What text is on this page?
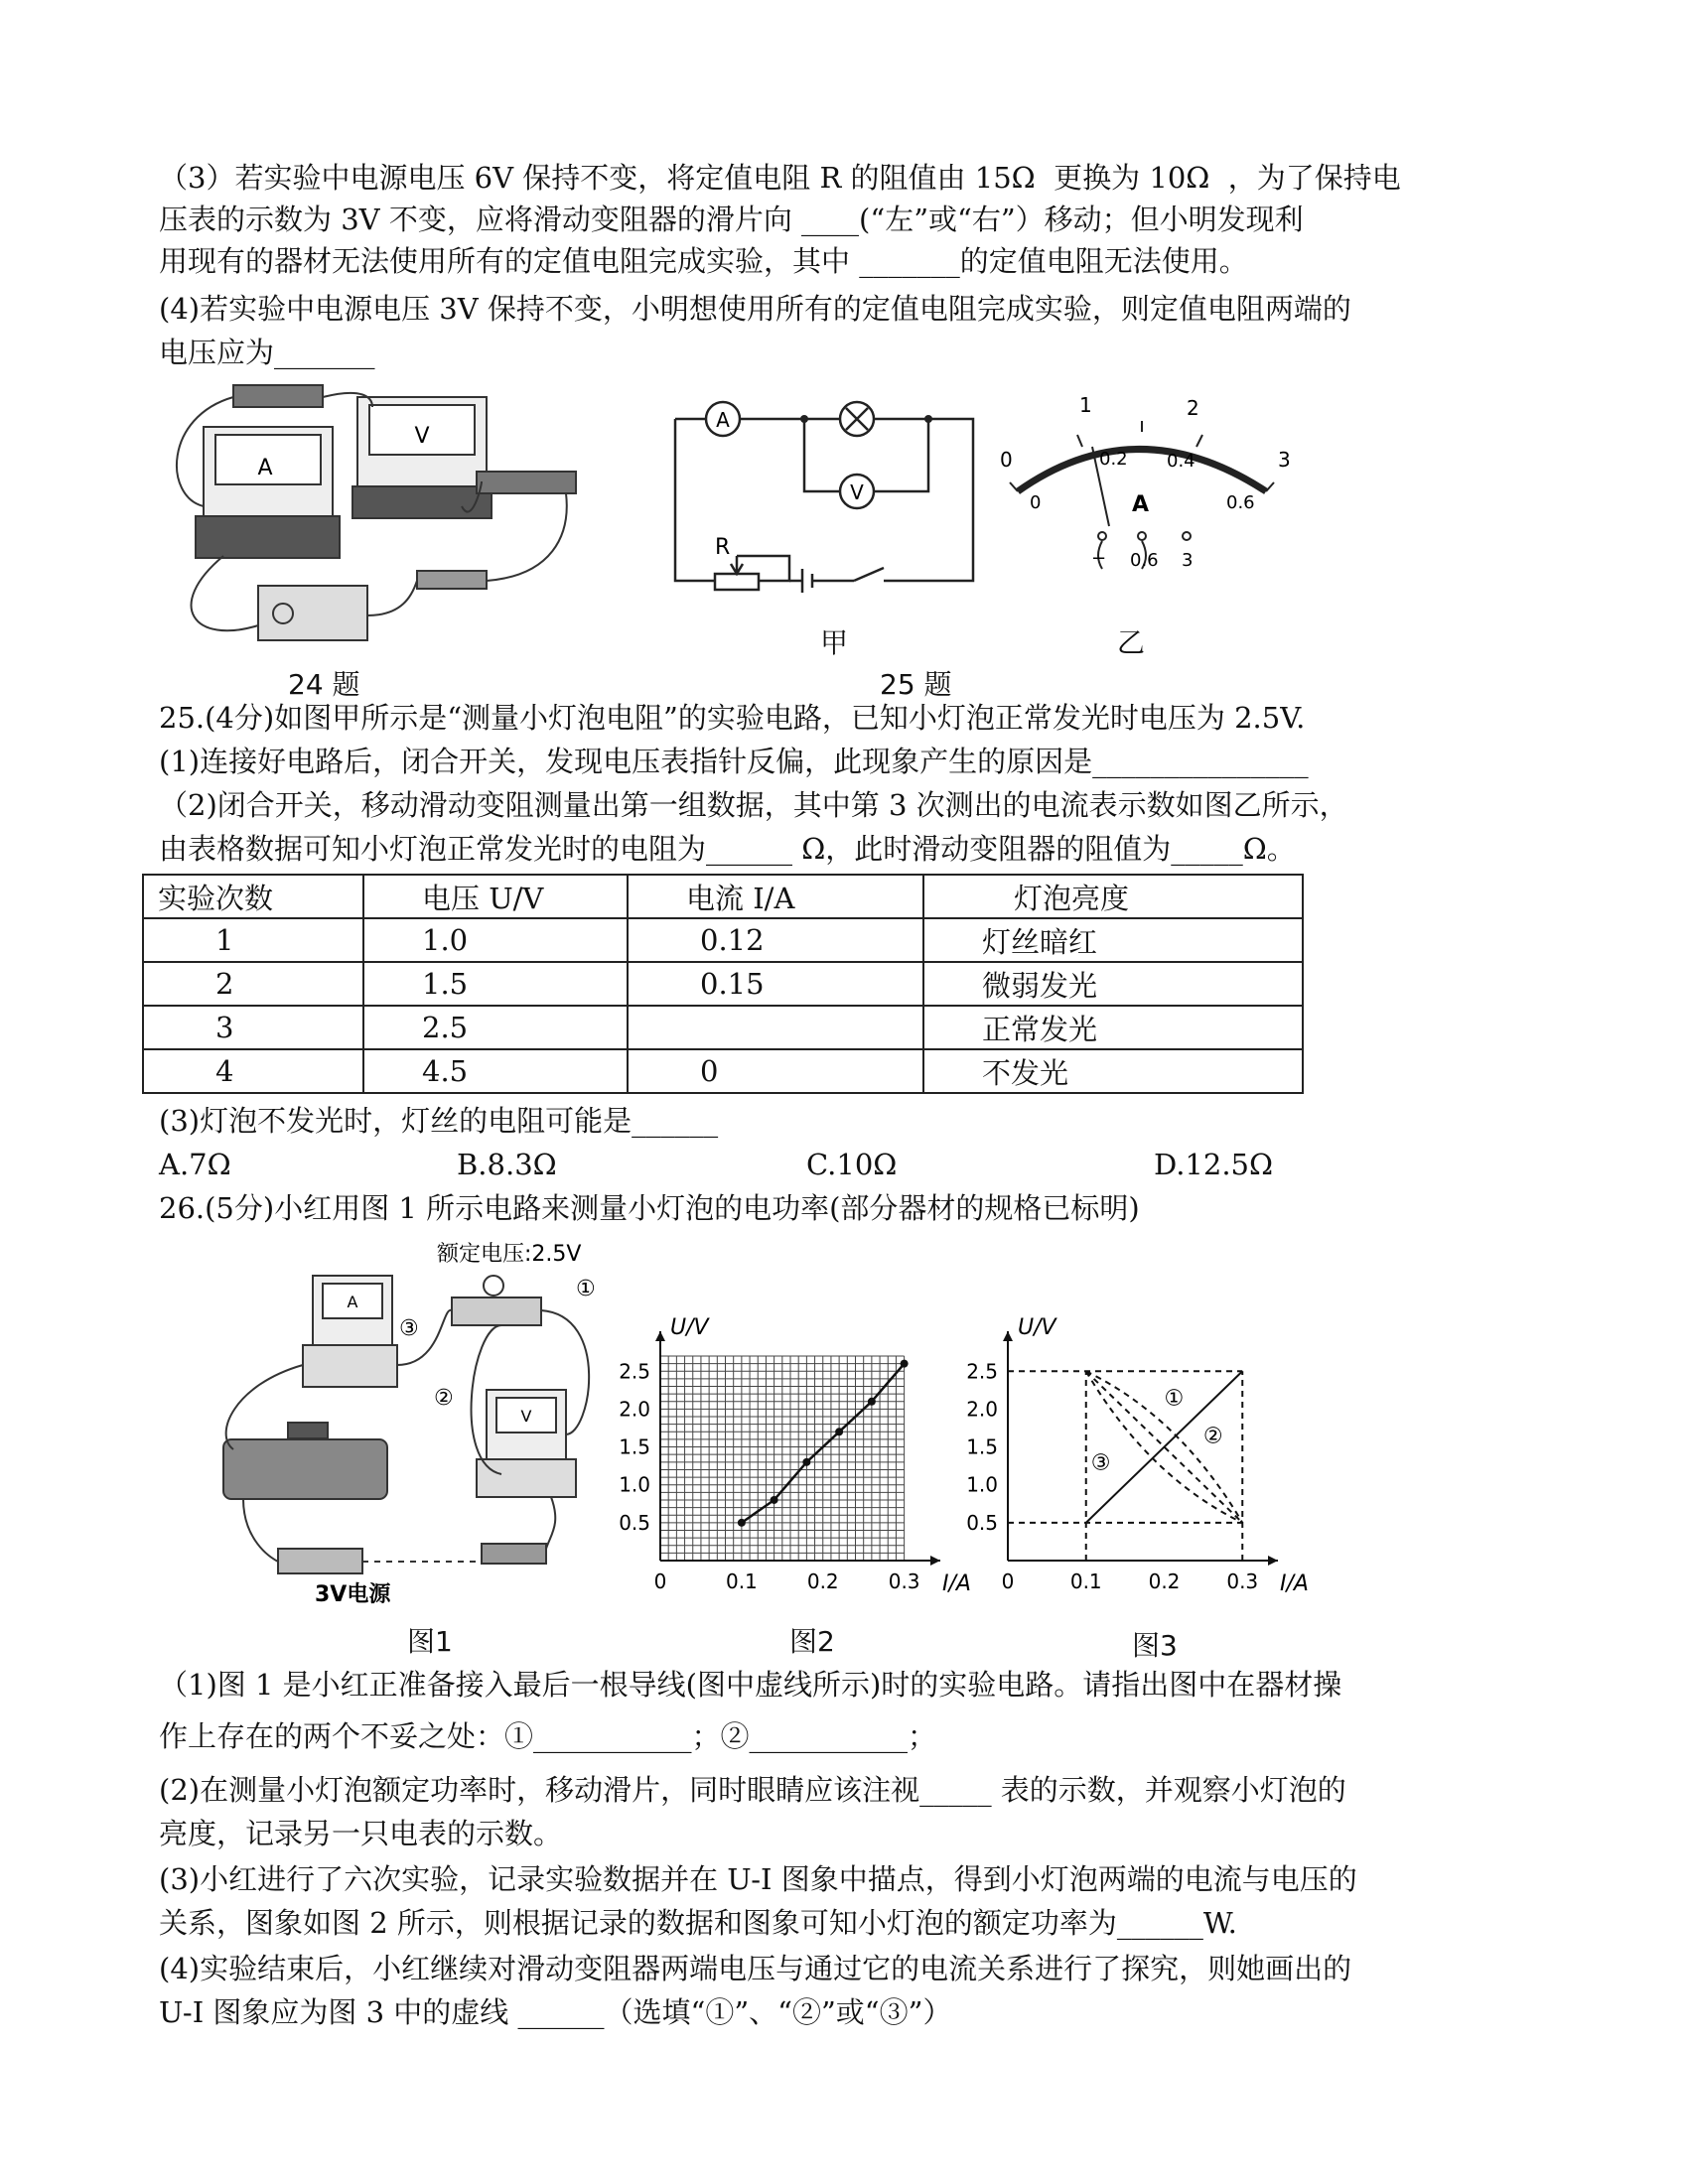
（3）若实验中电源电压 6V 保持不变，将定值电阻 R 的阻值由 15Ω  更换为 10Ω  ，为了保持电
压表的示数为 3V 不变，应将滑动变阻器的滑片向 ____(“左”或“右”）移动；但小明发现利
用现有的器材无法使用所有的定值电阻完成实验，其中 _______的定值电阻无法使用。
(4)若实验中电源电压 3V 保持不变，小明想使用所有的定值电阻完成实验，则定值电阻两端的
电压应为_______
A
V
24 题
A
V
R
甲
25 题
0
1	2
3
0
0.2 0.4
0.6
A
− 0.6 3
乙
25.(4分)如图甲所示是“测量小灯泡电阻”的实验电路，已知小灯泡正常发光时电压为 2.5V.
(1)连接好电路后，闭合开关，发现电压表指针反偏，此现象产生的原因是_______________
（2)闭合开关，移动滑动变阻测量出第一组数据，其中第 3 次测出的电流表示数如图乙所示，
由表格数据可知小灯泡正常发光时的电阻为______ Ω，此时滑动变阻器的阻值为_____Ω。
实验次数	电压 U/V	电流 I/A	灯泡亮度
1	1.0	0.12	灯丝暗红
2	1.5	0.15	微弱发光
3	2.5		正常发光
4	4.5	0	不发光
(3)灯泡不发光时，灯丝的电阻可能是______
A.7Ω	B.8.3Ω	C.10Ω	D.12.5Ω
26.(5分)小红用图 1 所示电路来测量小灯泡的电功率(部分器材的规格已标明)
额定电压:2.5V
A
V
③
②
①
3V电源
图1
0	0.1	0.2	0.3
0.5
1.0
1.5
2.0
2.5
I/A
U/V
图2
0	0.1 0.2 0.3
0.5
1.0
1.5
2.0
2.5
I/A
U/V
①
②
③
图3
（1)图 1 是小红正准备接入最后一根导线(图中虚线所示)时的实验电路。请指出图中在器材操
作上存在的两个不妥之处：①___________；②___________；
(2)在测量小灯泡额定功率时，移动滑片，同时眼睛应该注视_____ 表的示数，并观察小灯泡的
亮度，记录另一只电表的示数。
(3)小红进行了六次实验，记录实验数据并在 U-I 图象中描点，得到小灯泡两端的电流与电压的
关系，图象如图 2 所示，则根据记录的数据和图象可知小灯泡的额定功率为______W.
(4)实验结束后，小红继续对滑动变阻器两端电压与通过它的电流关系进行了探究，则她画出的
U-I 图象应为图 3 中的虚线 ______（选填“①”、“②”或“③”）
